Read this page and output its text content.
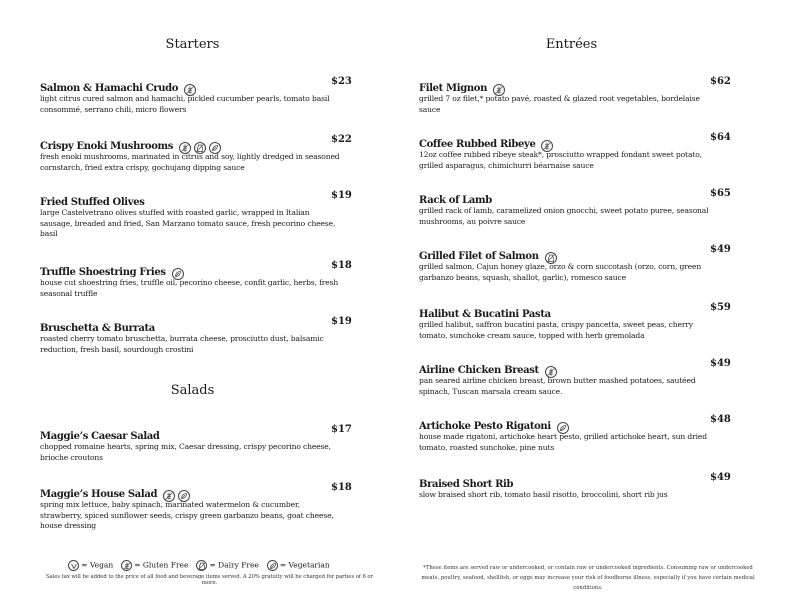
Starters
Salmon & Hamachi Crudo
$23
light citrus cured salmon and hamachi, pickled cucumber pearls, tomato basil consommé, serrano chili, micro flowers
Crispy Enoki Mushrooms
$22
fresh enoki mushrooms, marinated in citrus and soy, lightly dredged in seasoned cornstarch, fried extra crispy, gochujang dipping sauce
Fried Stuffed Olives
$19
large Castelvetrano olives stuffed with roasted garlic, wrapped in Italian sausage, breaded and fried, San Marzano tomato sauce, fresh pecorino cheese, basil
Truffle Shoestring Fries
$18
house cut shoestring fries, truffle oil, pecorino cheese, confit garlic, herbs, fresh seasonal truffle
Bruschetta & Burrata
$19
roasted cherry tomato bruschetta, burrata cheese, prosciutto dust, balsamic reduction, fresh basil, sourdough crostini
Salads
Maggie’s Caesar Salad
$17
chopped romaine hearts, spring mix, Caesar dressing, crispy pecorino cheese, brioche croutons
Maggie’s House Salad
$18
spring mix lettuce, baby spinach, marinated watermelon & cucumber, strawberry, spiced sunflower seeds, crispy green garbanzo beans, goat cheese, house dressing
Entrées
Filet Mignon
$62
grilled 7 oz filet,* potato pavé, roasted & glazed root vegetables, bordelaise sauce
Coffee Rubbed Ribeye
$64
12oz coffee rubbed ribeye steak*, prosciutto wrapped fondant sweet potato, grilled asparagus, chimichurri béarnaise sauce
Rack of Lamb
$65
grilled rack of lamb, caramelized onion gnocchi, sweet potato puree, seasonal mushrooms, au poivre sauce
Grilled Filet of Salmon
$49
grilled salmon, Cajun honey glaze, orzo & corn succotash (orzo, corn, green garbanzo beans, squash, shallot, garlic), romesco sauce
Halibut & Bucatini Pasta
$59
grilled halibut, saffron bucatini pasta, crispy pancetta, sweet peas, cherry tomato, sunchoke cream sauce, topped with herb gremolada
Airline Chicken Breast
$49
pan seared airline chicken breast, brown butter mashed potatoes, sautéed spinach, Tuscan marsala cream sauce.
Artichoke Pesto Rigatoni
$48
house made rigatoni, artichoke heart pesto, grilled artichoke heart, sun dried tomato, roasted sunchoke, pine nuts
Braised Short Rib
$49
slow braised short rib, tomato basil risotto, broccolini, short rib jus
= Vegan	= Gluten Free	= Dairy Free	= Vegetarian
Sales tax will be added to the price of all food and beverage items served. A 20% gratuity will be charged for parties of 6 or more.
*These items are served raw or undercooked, or contain raw or undercooked ingredients. Consuming raw or undercooked meats, poultry, seafood, shellfish, or eggs may increase your risk of foodborne illness, especially if you have certain medical conditions.
